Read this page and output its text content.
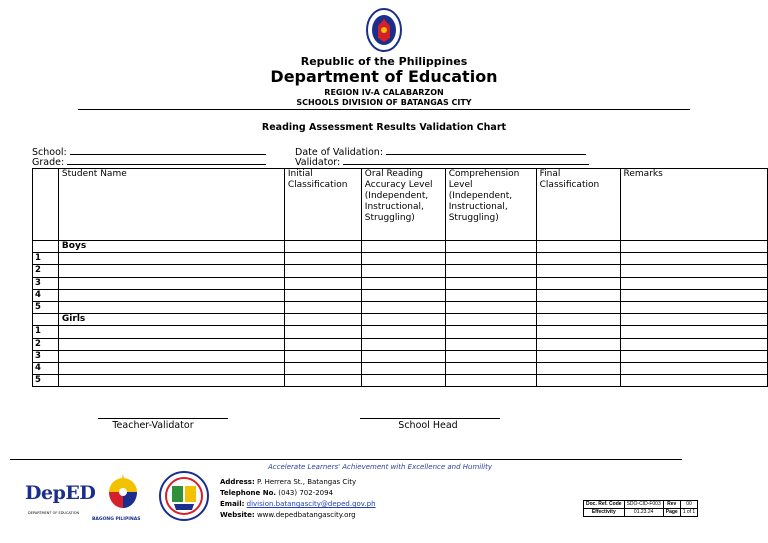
Republic of the Philippines
Department of Education
REGION IV-A CALABARZON
SCHOOLS DIVISION OF BATANGAS CITY
Reading Assessment Results Validation Chart
School:
Grade:
Date of Validation:
Validator:
	Student Name	Initial Classification	Oral Reading Accuracy Level (Independent, Instructional, Struggling)	Comprehension Level (Independent, Instructional, Struggling)	Final Classification	Remarks
	Boys					
1						
2						
3						
4						
5						
	Girls					
1						
2						
3						
4						
5						
Teacher-Validator	School Head
Accelerate Learners' Achievement with Excellence and Humility
DepED
DEPARTMENT OF EDUCATION
BAGONG PILIPINAS
Address: P. Herrera St., Batangas City
Telephone No. (043) 702-2094
Email: division.batangascity@deped.gov.ph
Website: www.depedbatangascity.org
Doc. Ref. Code	SDO-CID-F003	Rev	00
Effectivity	01.23.24	Page	1 of 1
